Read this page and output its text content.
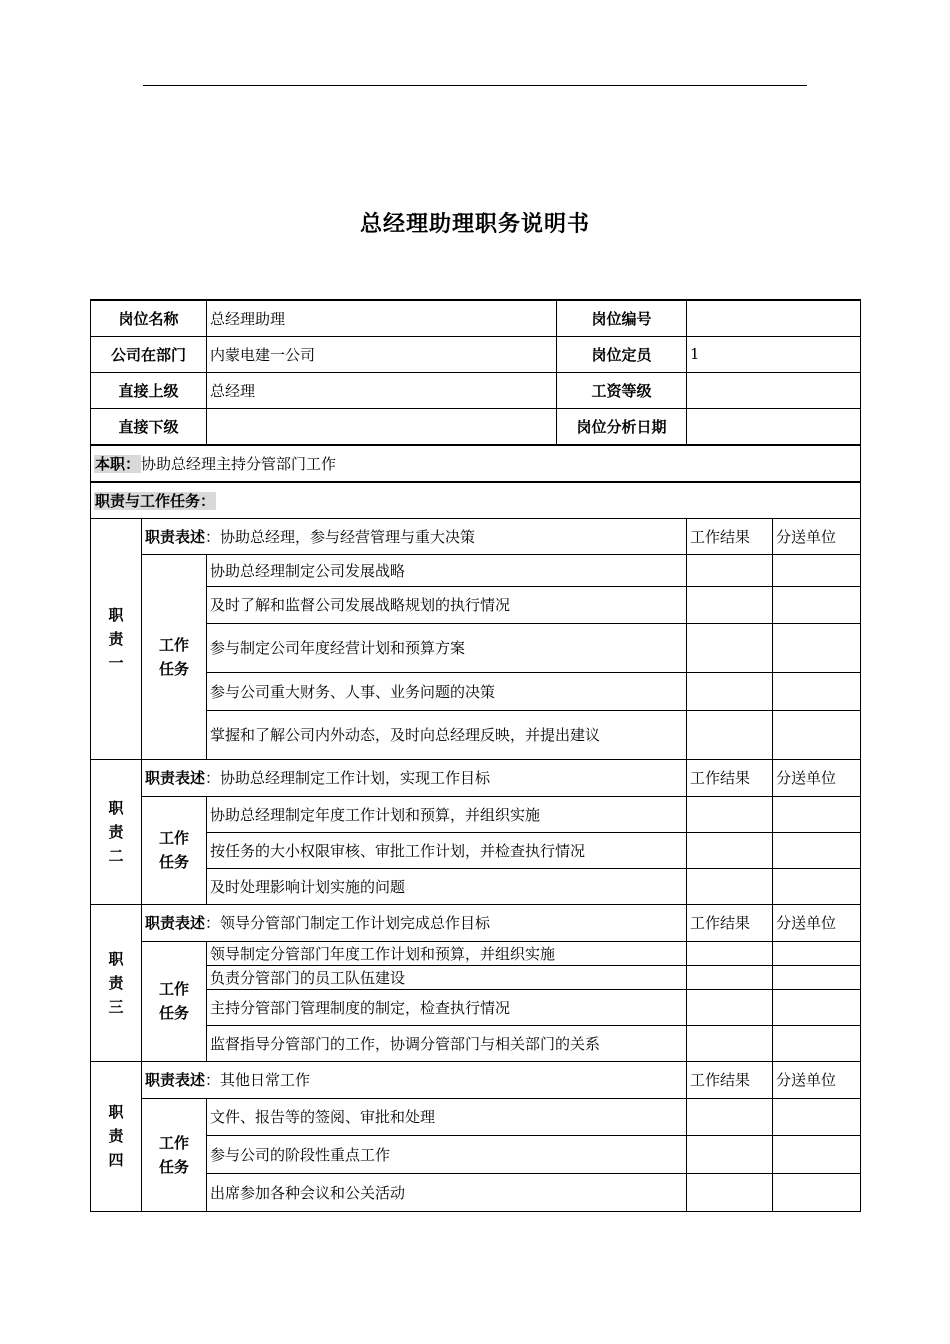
总经理助理职务说明书
岗位名称		总经理助理	岗位编号		
公司在部门		内蒙电建一公司	岗位定员	1	
直接上级		总经理	工资等级		
直接下级			岗位分析日期		
本职：协助总经理主持分管部门工作					
职责与工作任务：					

职
责
一	职责表述：协助总经理，参与经营管理与重大决策			工作结果	分送单位

	工作
任务	协助总经理制定公司发展战略			
		及时了解和监督公司发展战略规划的执行情况			
		参与制定公司年度经营计划和预算方案			
		参与公司重大财务、人事、业务问题的决策			
		掌握和了解公司内外动态，及时向总经理反映，并提出建议			

职
责
二	职责表述：协助总经理制定工作计划，实现工作目标			工作结果	分送单位

	工作
任务	协助总经理制定年度工作计划和预算，并组织实施			
		按任务的大小权限审核、审批工作计划，并检查执行情况			
		及时处理影响计划实施的问题			

职
责
三	职责表述：领导分管部门制定工作计划完成总作目标			工作结果	分送单位

	工作
任务	领导制定分管部门年度工作计划和预算，并组织实施			
		负责分管部门的员工队伍建设			
		主持分管部门管理制度的制定，检查执行情况			
		监督指导分管部门的工作，协调分管部门与相关部门的关系			

职
责
四	职责表述：其他日常工作			工作结果	分送单位

	工作
任务	文件、报告等的签阅、审批和处理			
		参与公司的阶段性重点工作			
		出席参加各种会议和公关活动			
